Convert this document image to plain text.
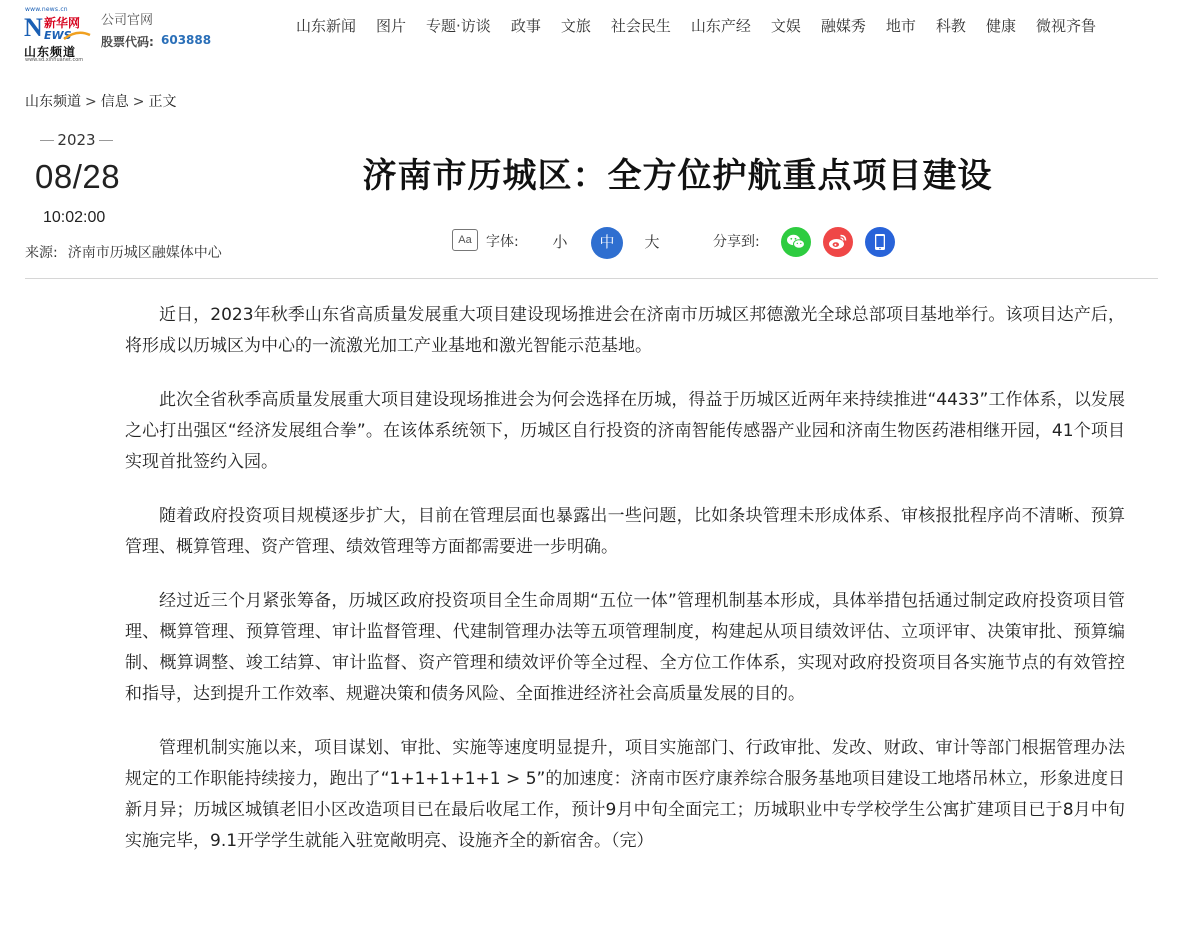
www.news.cn
N 新华网
EWS
山东频道
www.sd.xinhuanet.com
公司官网
股票代码: 603888
山东新闻	图片	专题·访谈	政事	文旅	社会民生	山东产经	文娱	融媒秀	地市	科教	健康	微视齐鲁
山东频道 > 信息 > 正文
2023
08/28
10:02:00
来源: 济南市历城区融媒体中心
济南市历城区：全方位护航重点项目建设
Aa	字体:	小	中	大	分享到:

近日，2023年秋季山东省高质量发展重大项目建设现场推进会在济南市历城区邦德激光全球总部项目基地举行。该项目达产后，将形成以历城区为中心的一流激光加工产业基地和激光智能示范基地。

此次全省秋季高质量发展重大项目建设现场推进会为何会选择在历城，得益于历城区近两年来持续推进“4433”工作体系，以发展之心打出强区“经济发展组合拳”。在该体系统领下，历城区自行投资的济南智能传感器产业园和济南生物医药港相继开园，41个项目实现首批签约入园。

随着政府投资项目规模逐步扩大，目前在管理层面也暴露出一些问题，比如条块管理未形成体系、审核报批程序尚不清晰、预算管理、概算管理、资产管理、绩效管理等方面都需要进一步明确。

经过近三个月紧张筹备，历城区政府投资项目全生命周期“五位一体”管理机制基本形成，具体举措包括通过制定政府投资项目管理、概算管理、预算管理、审计监督管理、代建制管理办法等五项管理制度，构建起从项目绩效评估、立项评审、决策审批、预算编制、概算调整、竣工结算、审计监督、资产管理和绩效评价等全过程、全方位工作体系，实现对政府投资项目各实施节点的有效管控和指导，达到提升工作效率、规避决策和债务风险、全面推进经济社会高质量发展的目的。

管理机制实施以来，项目谋划、审批、实施等速度明显提升，项目实施部门、行政审批、发改、财政、审计等部门根据管理办法规定的工作职能持续接力，跑出了“1+1+1+1+1 > 5”的加速度：济南市医疗康养综合服务基地项目建设工地塔吊林立，形象进度日新月异；历城区城镇老旧小区改造项目已在最后收尾工作，预计9月中旬全面完工；历城职业中专学校学生公寓扩建项目已于8月中旬实施完毕，9.1开学学生就能入驻宽敞明亮、设施齐全的新宿舍。（完）
